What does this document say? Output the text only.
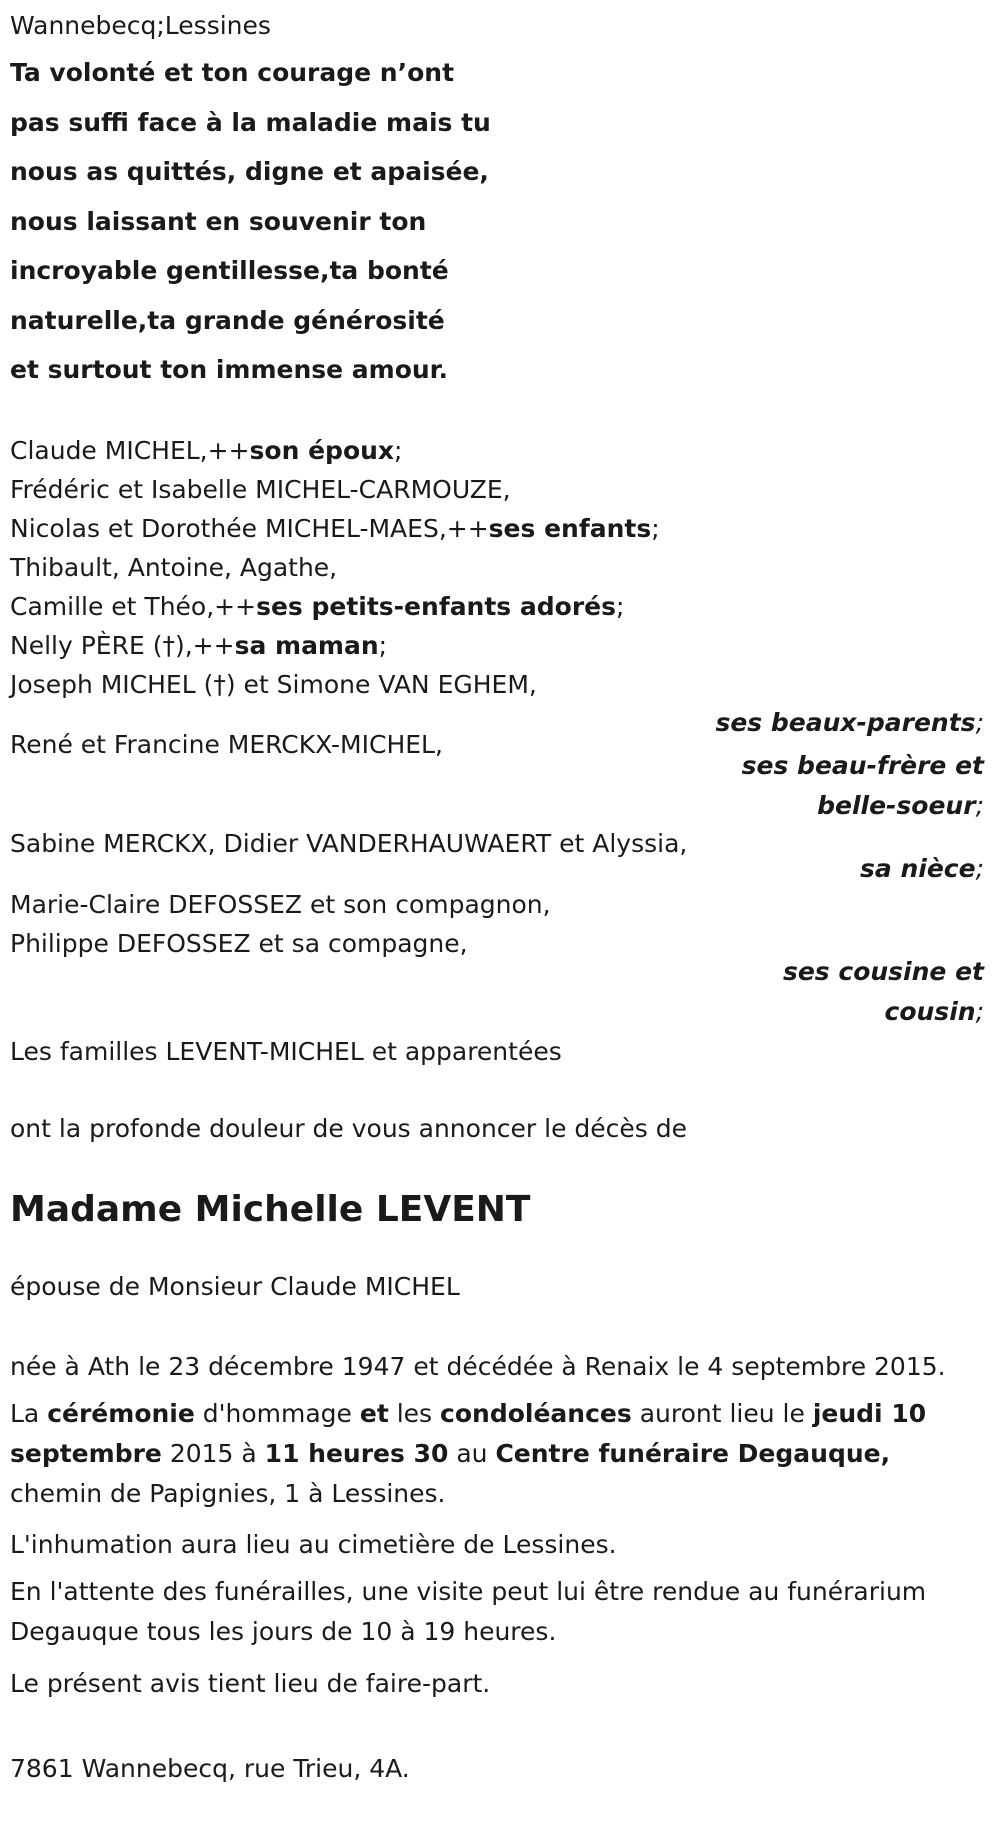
Wannebecq;Lessines
Ta volonté et ton courage n’ont
pas suffi face à la maladie mais tu
nous as quittés, digne et apaisée,
nous laissant en souvenir ton
incroyable gentillesse,ta bonté
naturelle,ta grande générosité
et surtout ton immense amour.
Claude MICHEL,++son époux;
Frédéric et Isabelle MICHEL-CARMOUZE,
Nicolas et Dorothée MICHEL-MAES,++ses enfants;
Thibault, Antoine, Agathe,
Camille et Théo,++ses petits-enfants adorés;
Nelly PÈRE (†),++sa maman;
Joseph MICHEL (†) et Simone VAN EGHEM,
ses beaux-parents;
René et Francine MERCKX-MICHEL,
ses beau-frère et
belle-soeur;
Sabine MERCKX, Didier VANDERHAUWAERT et Alyssia,
sa nièce;
Marie-Claire DEFOSSEZ et son compagnon,
Philippe DEFOSSEZ et sa compagne,
ses cousine et
cousin;
Les familles LEVENT-MICHEL et apparentées
ont la profonde douleur de vous annoncer le décès de
Madame Michelle LEVENT
épouse de Monsieur Claude MICHEL
née à Ath le 23 décembre 1947 et décédée à Renaix le 4 septembre 2015.
La cérémonie d'hommage et les condoléances auront lieu le jeudi 10 septembre 2015 à 11 heures 30 au Centre funéraire Degauque, chemin de Papignies, 1 à Lessines.
L'inhumation aura lieu au cimetière de Lessines.
En l'attente des funérailles, une visite peut lui être rendue au funérarium Degauque tous les jours de 10 à 19 heures.
Le présent avis tient lieu de faire-part.
7861 Wannebecq, rue Trieu, 4A.
